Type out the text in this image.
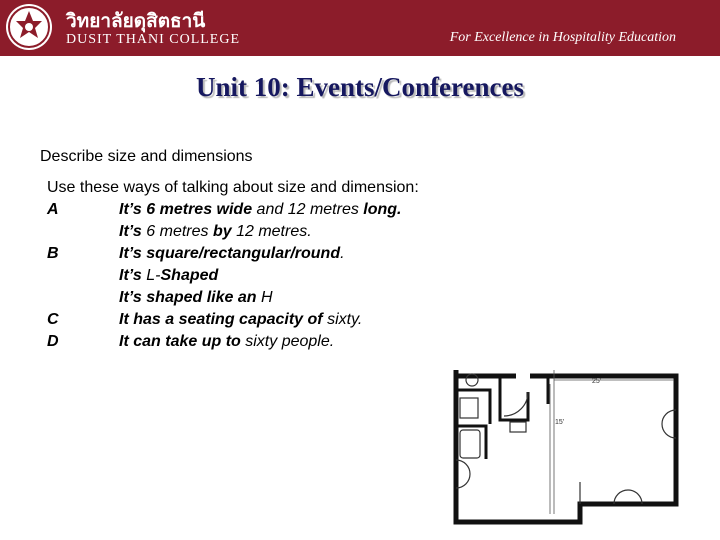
วิทยาลัยดุสิตธานี
DUSIT THANI COLLEGE	For Excellence in Hospitality Education
Unit 10: Events/Conferences
Describe size and dimensions
Use these ways of talking about size and dimension:
A	It’s 6 metres wide and 12 metres long.
It’s 6 metres by 12 metres.
B	It’s square/rectangular/round.
It’s L-Shaped
It’s shaped like an H
C	It has a seating capacity of sixty.
D	It can take up to sixty people.
25'
15'
